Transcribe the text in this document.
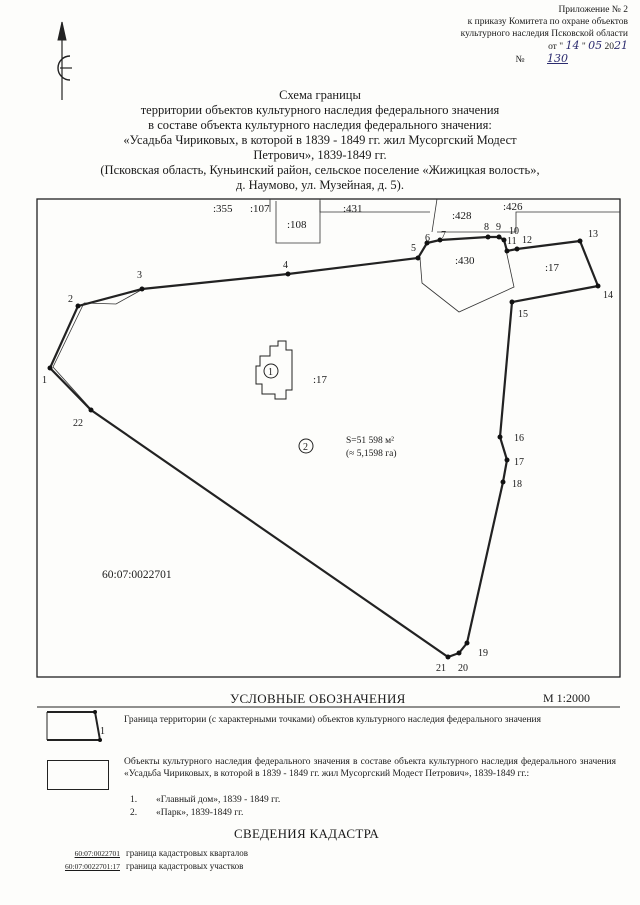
Приложение № 2
к приказу Комитета по охране объектов
культурного наследия Псковской области
от " 14 " 05 2021
№ 130
Схема границы
территории объектов культурного наследия федерального значения
в составе объекта культурного наследия федерального значения:
«Усадьба Чириковых, в которой в 1839 - 1849 гг. жил Мусоргский Модест
Петрович», 1839-1849 гг.
(Псковская область, Куньинский район, сельское поселение «Жижицкая волость»,
д. Наумово, ул. Музейная, д. 5).
:355 :107
:108
:431
:428
:426
:430
:17
:17
1
2
S=51 598 м²
(≈ 5,1598 га)
60:07:0022701
1
2
3
4
5
6 7
8 9 10
11 12
13
14
15
16
17
18
19
20
21
22
УСЛОВНЫЕ ОБОЗНАЧЕНИЯ	М 1:2000
1
Граница территории (с характерными точками) объектов культурного наследия федерального значения
Объекты культурного наследия федерального значения в составе объекта культурного наследия федерального значения «Усадьба Чириковых, в которой в 1839 - 1849 гг. жил Мусоргский Модест Петрович», 1839-1849 гг.:
1. «Главный дом», 1839 - 1849 гг.
2. «Парк», 1839-1849 гг.
СВЕДЕНИЯ КАДАСТРА
60:07:0022701 граница кадастровых кварталов
60:07:0022701:17 граница кадастровых участков
